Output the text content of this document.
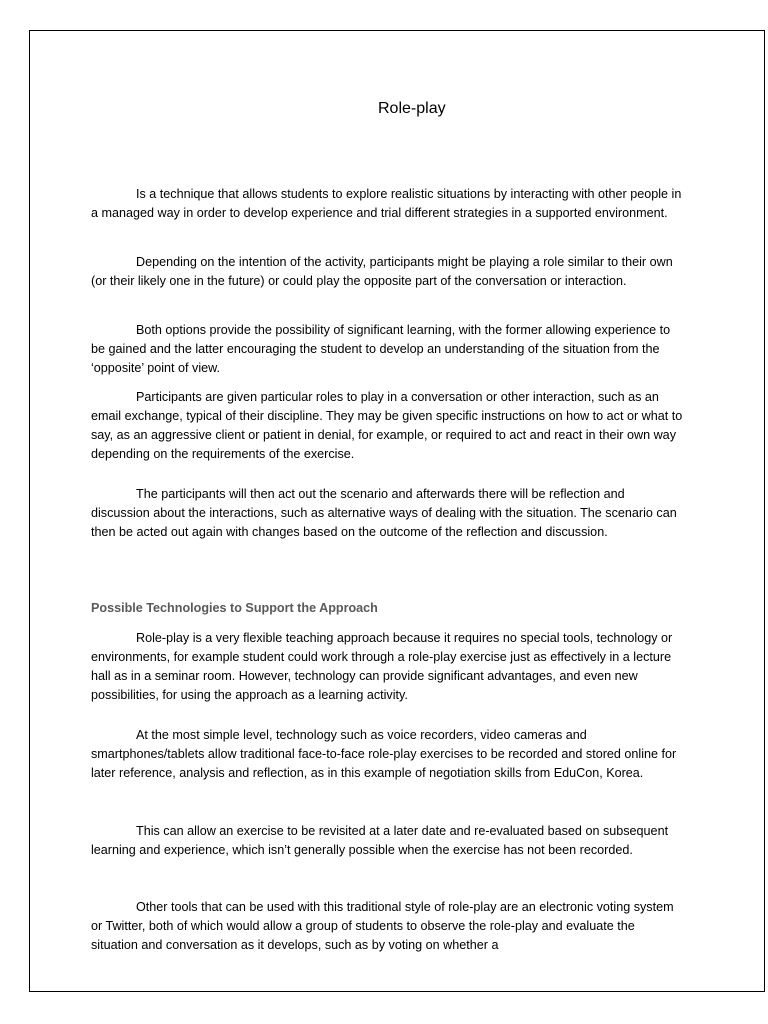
Role-play

Is a technique that allows students to explore realistic situations by interacting with other people in a managed way in order to develop experience and trial different strategies in a supported environment.

Depending on the intention of the activity, participants might be playing a role similar to their own (or their likely one in the future) or could play the opposite part of the conversation or interaction.

Both options provide the possibility of significant learning, with the former allowing experience to be gained and the latter encouraging the student to develop an understanding of the situation from the ‘opposite’ point of view.

Participants are given particular roles to play in a conversation or other interaction, such as an email exchange, typical of their discipline. They may be given specific instructions on how to act or what to say, as an aggressive client or patient in denial, for example, or required to act and react in their own way depending on the requirements of the exercise.

The participants will then act out the scenario and afterwards there will be reflection and discussion about the interactions, such as alternative ways of dealing with the situation. The scenario can then be acted out again with changes based on the outcome of the reflection and discussion.

Possible Technologies to Support the Approach

Role-play is a very flexible teaching approach because it requires no special tools, technology or environments, for example student could work through a role-play exercise just as effectively in a lecture hall as in a seminar room. However, technology can provide significant advantages, and even new possibilities, for using the approach as a learning activity.

At the most simple level, technology such as voice recorders, video cameras and smartphones/tablets allow traditional face-to-face role-play exercises to be recorded and stored online for later reference, analysis and reflection, as in this example of negotiation skills from EduCon, Korea.

This can allow an exercise to be revisited at a later date and re-evaluated based on subsequent learning and experience, which isn’t generally possible when the exercise has not been recorded.

Other tools that can be used with this traditional style of role-play are an electronic voting system or Twitter, both of which would allow a group of students to observe the role-play and evaluate the situation and conversation as it develops, such as by voting on whether a
